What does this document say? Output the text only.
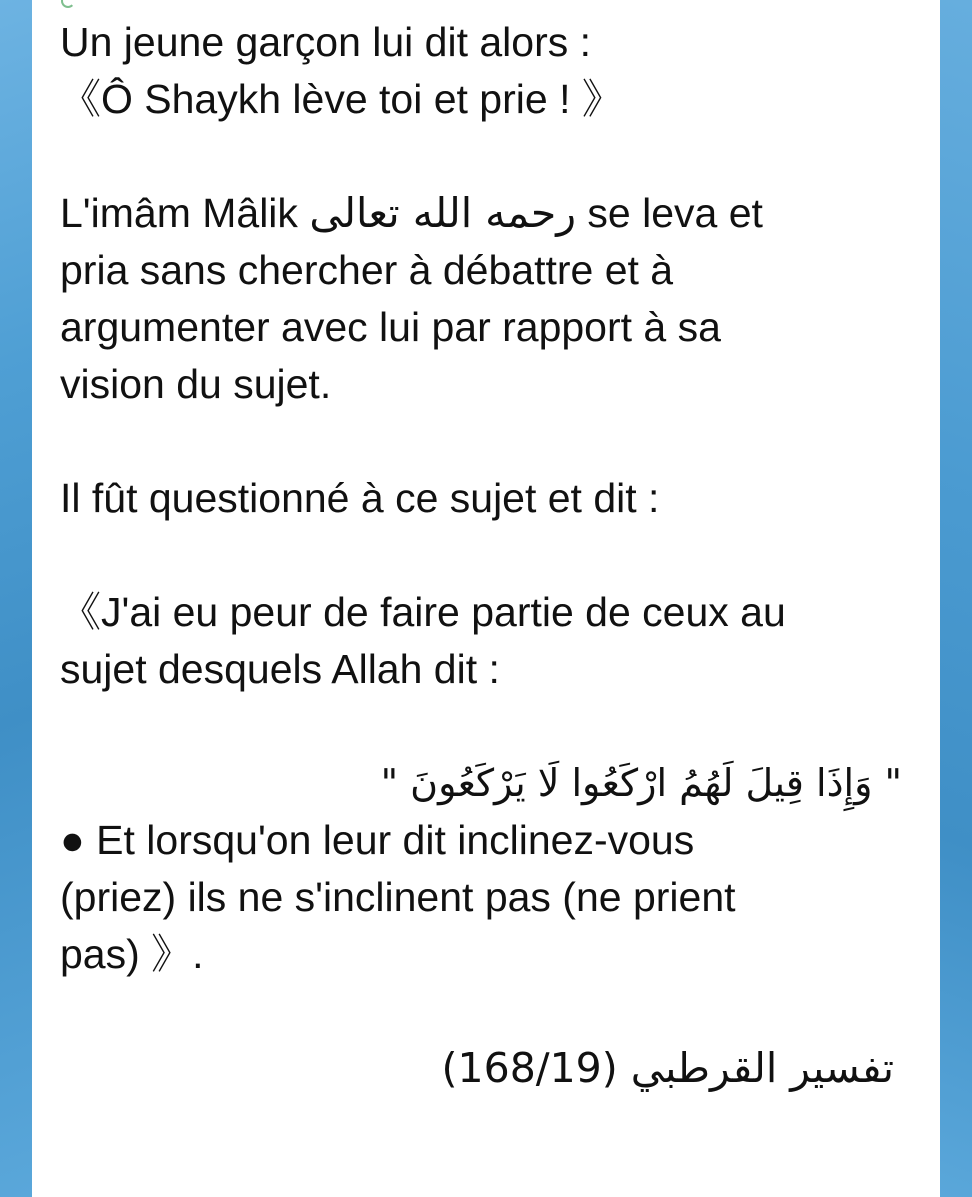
Un jeune garçon lui dit alors :
《Ô Shaykh lève toi et prie ! 》
L'imâm Mâlik رحمه الله تعالى se leva et
pria sans chercher à débattre et à
argumenter avec lui par rapport à sa
vision du sujet.
Il fût questionné à ce sujet et dit :
《J'ai eu peur de faire partie de ceux au
sujet desquels Allah dit :
" وَإِذَا قِيلَ لَهُمُ ارْكَعُوا لَا يَرْكَعُونَ "
● Et lorsqu'on leur dit inclinez-vous
(priez) ils ne s'inclinent pas (ne prient
pas) 》.
تفسير القرطبي (168/19)
